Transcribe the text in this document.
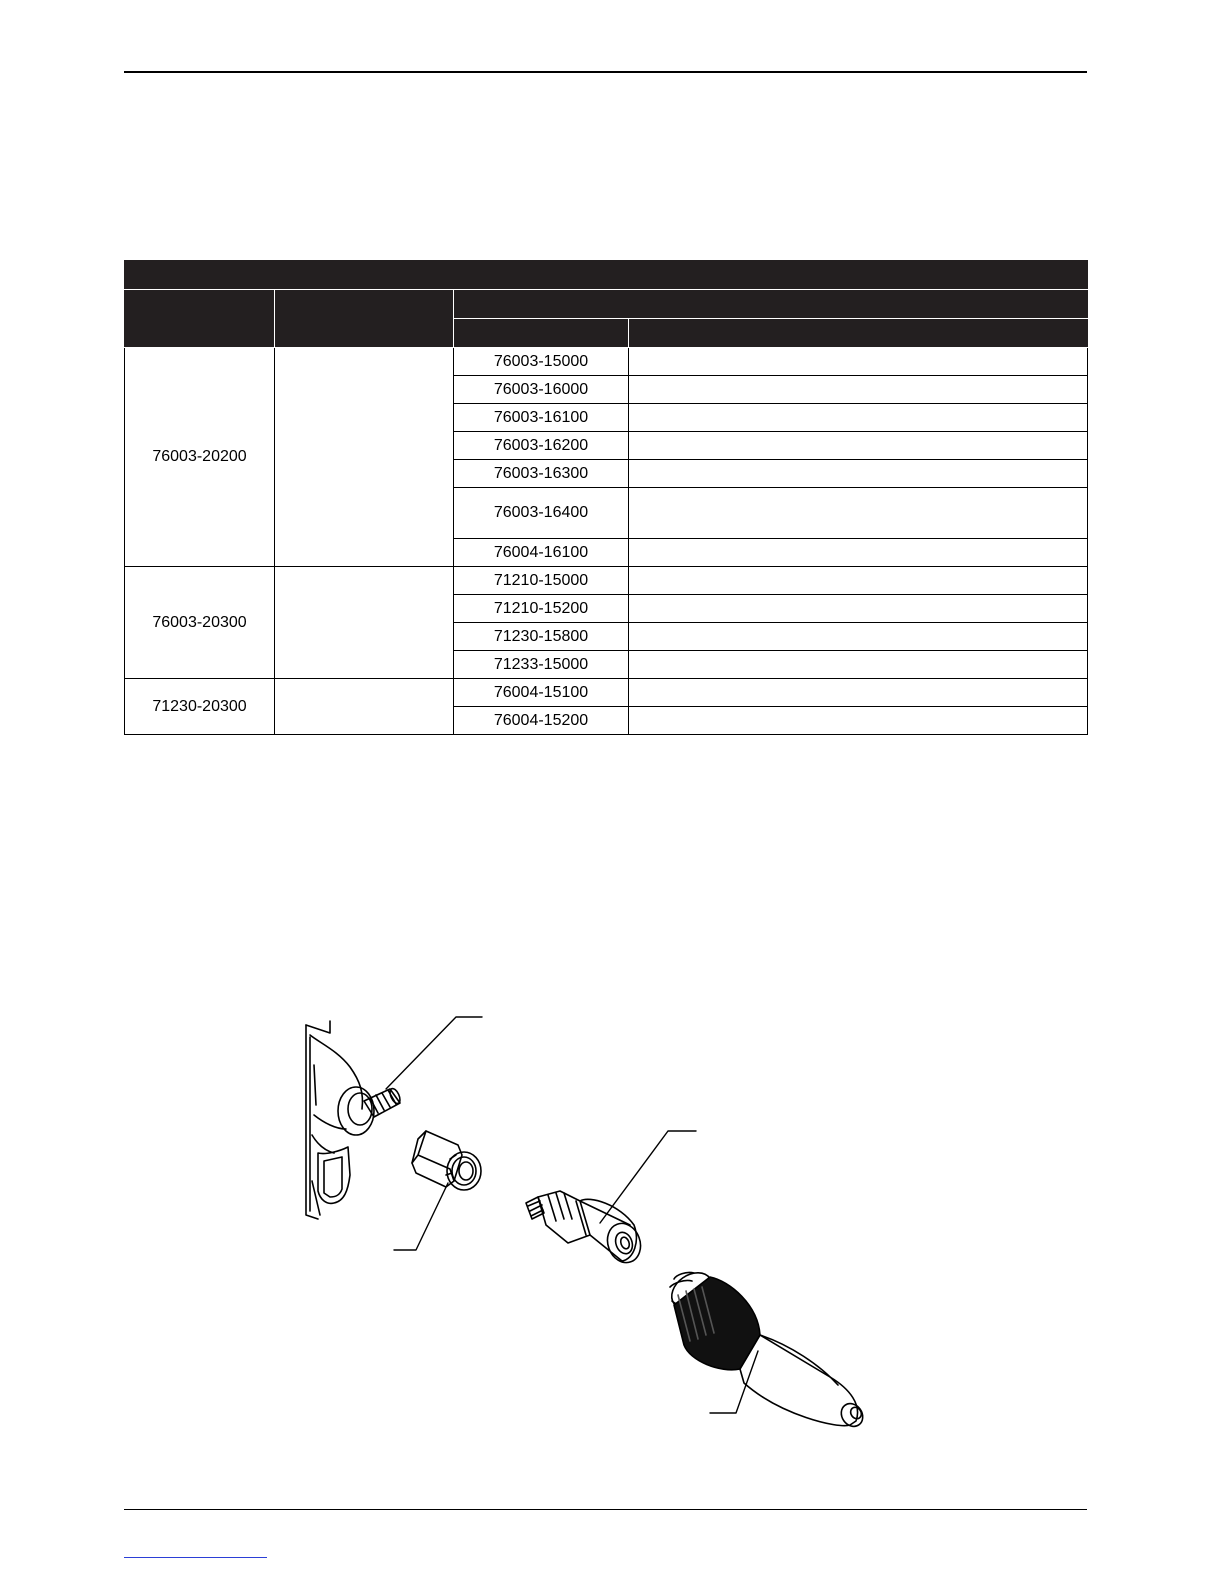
76003-20200		76003-15000	
		76003-16000	
		76003-16100	
		76003-16200	
		76003-16300	
		76003-16400	
		76004-16100	
76003-20300		71210-15000	
		71210-15200	
		71230-15800	
		71233-15000	
71230-20300		76004-15100	
		76004-15200	
